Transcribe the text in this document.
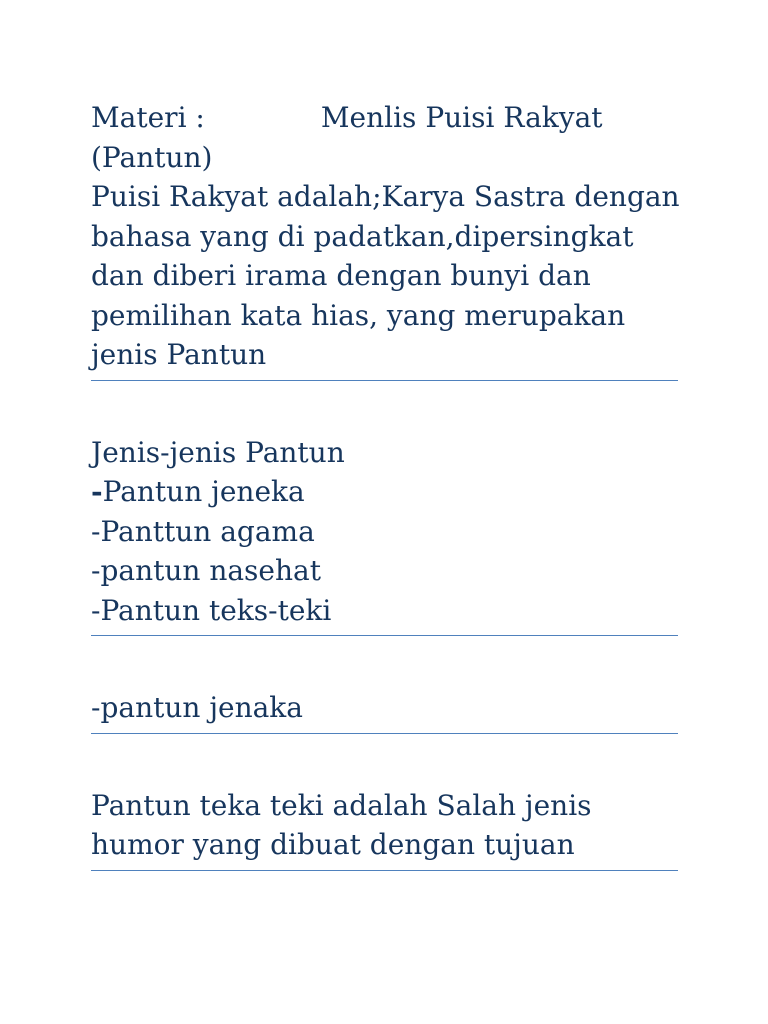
Materi :	Menlis Puisi Rakyat

(Pantun)

Puisi Rakyat adalah;Karya Sastra dengan

bahasa yang di padatkan,dipersingkat

dan diberi irama dengan bunyi dan

pemilihan kata hias, yang merupakan

jenis Pantun

Jenis-jenis Pantun

-Pantun jeneka

-Panttun agama

-pantun nasehat

-Pantun teks-teki

-pantun jenaka

Pantun teka teki adalah Salah jenis

humor yang dibuat dengan tujuan
